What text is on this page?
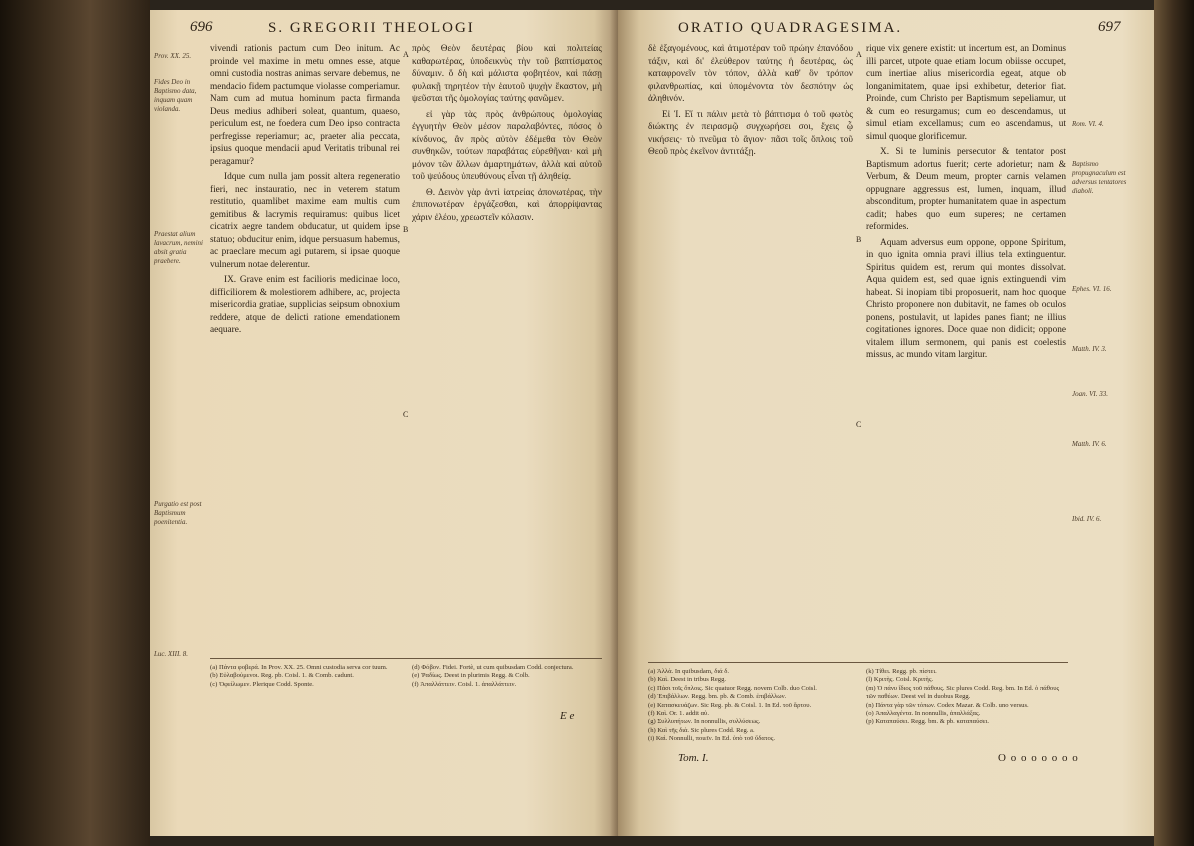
696	S. GREGORII THEOLOGI
Prov. XX. 25.
Fides Deo in Baptismo data, inquam quam violanda.
Praestat alium lavacrum, nemini absit gratia praebere.
Purgatio est post Baptismum poenitentia.
Luc. XIII. 8.

vivendi rationis pactum cum Deo initum. Ac proinde vel maxime in metu omnes esse, atque omni custodia nostras animas servare debemus, ne mendacio fidem pactumque violasse comperiamur. Nam cum ad mutua hominum pacta firmanda Deus medius adhiberi soleat, quantum, quaeso, periculum est, ne foedera cum Deo ipso contracta perfregisse reperiamur; ac, praeter alia peccata, ipsius quoque mendacii apud Veritatis tribunal rei peragamur?

Idque cum nulla jam possit altera regeneratio fieri, nec instauratio, nec in veterem statum restitutio, quamlibet maxime eam multis cum gemitibus & lacrymis requiramus: quibus licet cicatrix aegre tandem obducatur, ut quidem ipse statuo; obducitur enim, idque persuasum habemus, ac praeclare mecum agi putarem, si ipsae quoque vulnerum notae delerentur.

IX. Grave enim est facilioris medicinae loco, difficiliorem & molestiorem adhibere, ac, projecta misericordia gratiae, supplicias seipsum obnoxium reddere, atque de delicti ratione emendationem aequare.

A
B
C

πρὸς Θεὸν δευτέρας βίου καὶ πολιτείας καθαρωτέρας, ὑποδεικνὺς τὴν τοῦ βαπτίσματος δύναμιν. ὅ δὴ καὶ μάλιστα φοβητέον, καὶ πάσῃ φυλακῇ τηρητέον τὴν ἑαυτοῦ ψυχὴν ἕκαστον, μὴ ψεῦσται τῆς ὁμολογίας ταύτης φανῶμεν.

εἰ γὰρ τὰς πρὸς ἀνθρώπους ὁμολογίας ἐγγυητὴν Θεὸν μέσον παραλαβόντες, πόσος ὁ κίνδυνος, ἂν πρὸς αὐτὸν ἐδέμεθα τὸν Θεὸν συνθηκῶν, τούτων παραβάτας εὑρεθῆναι· καὶ μὴ μόνον τῶν ἄλλων ἁμαρτημάτων, ἀλλὰ καὶ αὐτοῦ τοῦ ψεύδους ὑπευθύνους εἶναι τῇ ἀληθείᾳ.

Θ. Δεινὸν γὰρ ἀντὶ ἰατρείας ἀπονωτέρας, τὴν ἐπιπονωτέραν ἐργάζεσθαι, καὶ ἀπορρίψαντας χάριν ἐλέου, χρεωστεῖν κόλασιν.

(a) Πάντα φοβερά. In Prov. XX. 25. Omni custodia serva cor tuum.
(b) Εὐλαβούμενοι. Reg. pb. Coisl. 1. & Comb. cadunt.
(c) Ὀφείλωμεν. Plerique Codd. Sponte.
(d) Φόβον. Fidei. Fortè, ut cum quibusdam Codd. conjectura.
(e) Ῥαδίως. Deest in plurimis Regg. & Colb.
(f) Ἀπαλλάττειν. Coisl. 1. ἀπαλλάττειν.
E e
ORATIO QUADRAGESIMA.	697

δὲ ἐξαγομένους, καὶ ἀτιμοτέραν τοῦ πρώην ἐπανόδου τάξιν, καὶ δι' ἐλεύθερον ταύτης ἡ δευτέρας, ὡς καταφρονεῖν τὸν τόπον, ἀλλὰ καθ' ὃν τρόπον φιλανθρωπίας, καὶ ὑπομένοντα τὸν δεσπότην ὡς ἀληθινόν.

Εἰ Ἰ. Εἴ τι πάλιν μετὰ τὸ βάπτισμα ὁ τοῦ φωτὸς διώκτης ἐν πειρασμῷ συγχωρήσει σοι, ἔχεις ᾧ νικήσεις· τὸ πνεῦμα τὸ ἅγιον· πᾶσι τοῖς ὅπλοις τοῦ Θεοῦ πρὸς ἐκεῖνον ἀντιτάξῃ.

A
B
C

rique vix genere existit: ut incertum est, an Dominus illi parcet, utpote quae etiam locum obiisse occupet, cum inertiae alius misericordia egeat, atque ob longanimitatem, quae ipsi exhibetur, deterior fiat. Proinde, cum Christo per Baptismum sepeliamur, ut & cum eo resurgamus; cum eo descendamus, ut simul etiam excellamus; cum eo ascendamus, ut simul quoque glorificemur.

X. Si te luminis persecutor & tentator post Baptismum adortus fuerit; certe adorietur; nam & Verbum, & Deum meum, propter carnis velamen oppugnare aggressus est, lumen, inquam, illud absconditum, propter humanitatem quae in aspectum cadit; habes quo eum superes; ne certamen reformides.

Aquam adversus eum oppone, oppone Spiritum, in quo ignita omnia pravi illius tela extinguentur. Spiritus quidem est, rerum qui montes dissolvat. Aqua quidem est, sed quae ignis extinguendi vim habeat. Si inopiam tibi proposuerit, nam hoc quoque Christo proponere non dubitavit, ne fames ob oculos ponens, postulavit, ut lapides panes fiant; ne illius cogitationes ignores. Doce quae non didicit; oppone vitalem illum sermonem, qui panis est coelestis missus, ac mundo vitam largitur.

Rom. VI. 4.
Baptismo propugnaculum est adversus tentatores diaboli.
Ephes. VI. 16.
Matth. IV. 3.
Joan. VI. 33.
Matth. IV. 6.
Ibid. IV. 6.
(a) Ἀλλὰ. In quibusdam, διά δ.
(b) Καὶ. Deest in tribus Regg.
(c) Πάσι τοῖς ὅπλοις. Sic quatuor Regg. novem Colb. duo Coisl.
(d) Ἐπιβάλλων. Regg. bm. pb. & Comb. ἐπιβάλλων.
(e) Κατασκευάζων. Sic Reg. pb. & Coisl. 1. In Ed. τοῦ ἄρτου.
(f) Καὶ. Or. 1. addit αὐ.
(g) Συλλυπήτων. In nonnullis, συλλύσεως.
(h) Καὶ τῆς διὰ. Sic plures Codd. Reg. a.
(i) Καὶ. Nonnulli, ποιεῖν. In Ed. ὑπὸ τοῦ ὕδατος.
(k) Τίθει. Regg. pb. πίστει.
(l) Κριτὴς. Coisl. Κριτὴς.
(m) Ὁ πάνυ ἴδιος τοῦ πάθους. Sic plures Codd. Reg. bm. In Ed. ὁ πάθους τῶν παθέων. Deest vel in duobus Regg.
(n) Πάντα γὰρ τῶν τόπων. Codex Mazar. & Colb. uno versus.
(o) Ἀπαλλαγέντα. In nonnullis, ἀπαλλάξας.
(p) Καταπαύσει. Regg. bm. & pb. καταπαύσει.
Tom. I.	O o o o o o o o
